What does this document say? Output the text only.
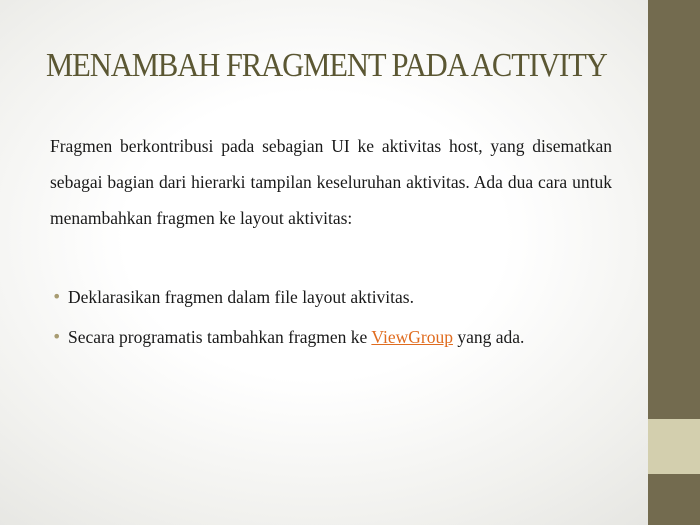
MENAMBAH FRAGMENT PADA ACTIVITY
Fragmen berkontribusi pada sebagian UI ke aktivitas host, yang disematkan sebagai bagian dari hierarki tampilan keseluruhan aktivitas. Ada dua cara untuk menambahkan fragmen ke layout aktivitas:
• Deklarasikan fragmen dalam file layout aktivitas.
• Secara programatis tambahkan fragmen ke ViewGroup yang ada.
